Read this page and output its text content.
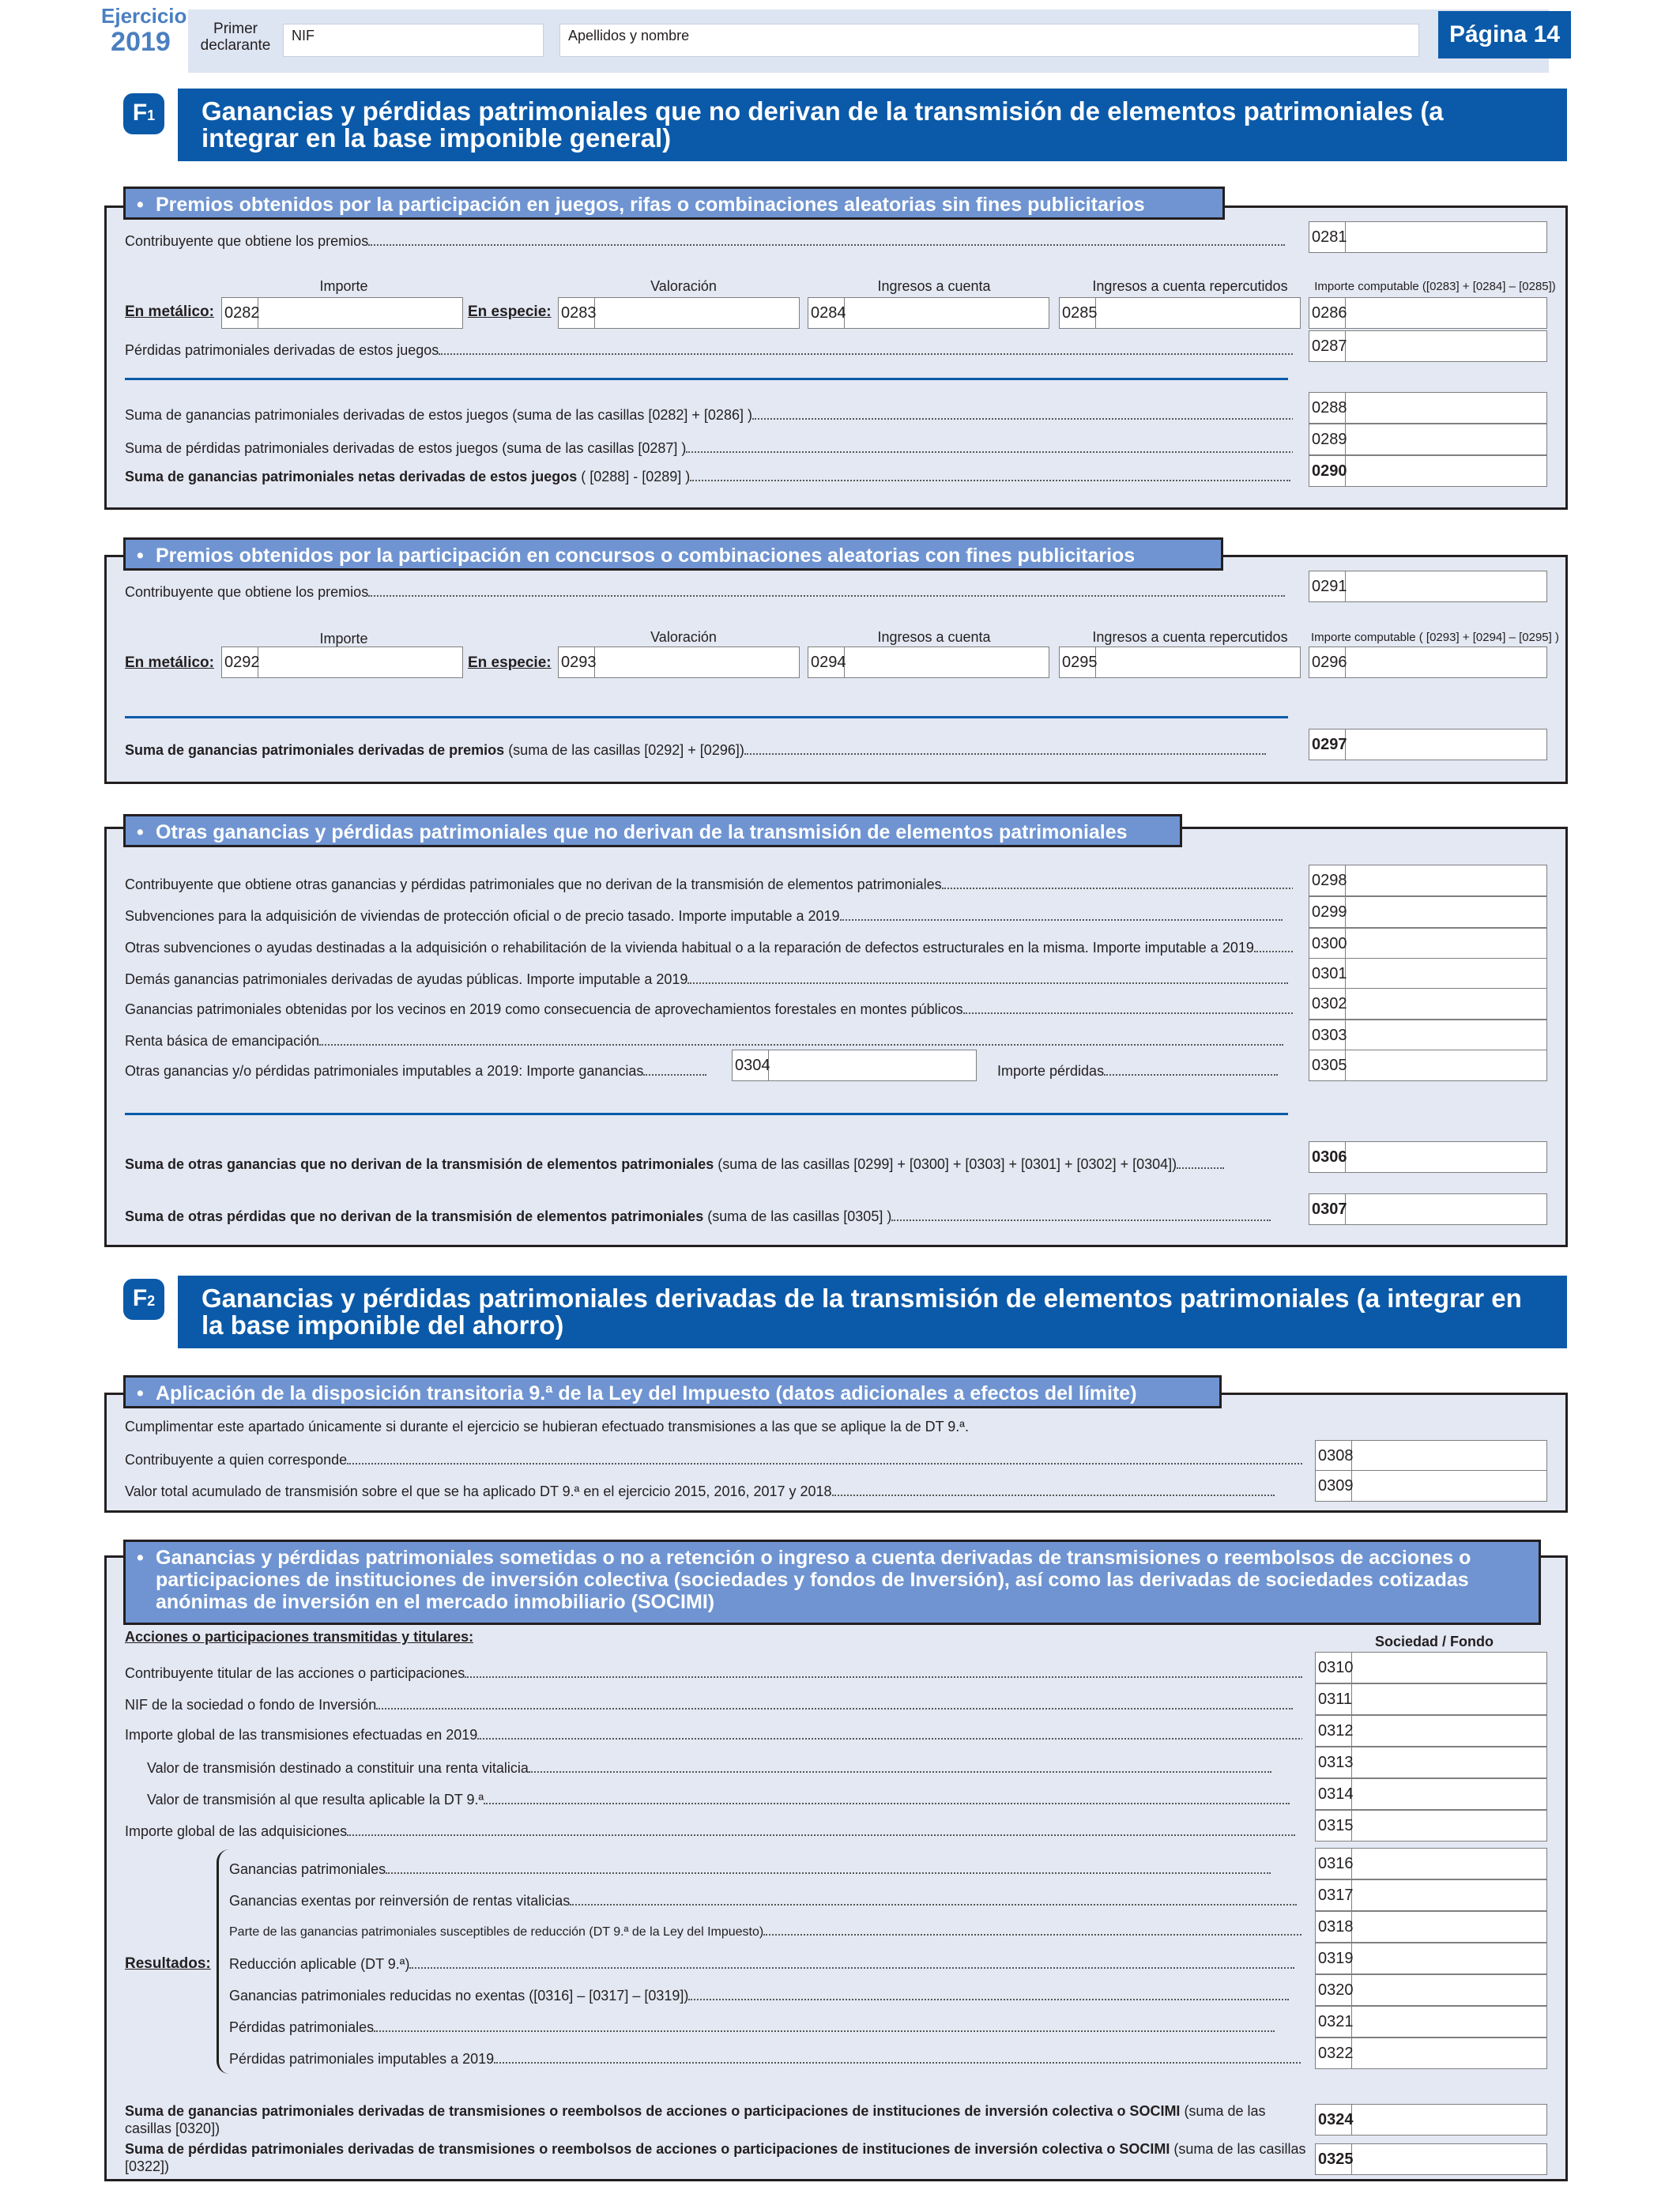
Ejercicio
2019	Primer declarante
NIF	Apellidos y nombre	Página 14
F1	Ganancias y pérdidas patrimoniales que no derivan de la transmisión de elementos patrimoniales (a integrar en la base imponible general)
• Premios obtenidos por la participación en juegos, rifas o combinaciones aleatorias sin fines publicitarios
Contribuyente que obtiene los premios	0281
Importe	Valoración	Ingresos a cuenta	Ingresos a cuenta repercutidos	Importe computable ([0283] + [0284] – [0285])
En metálico: 0282	En especie: 0283	0284	0285	0286
Pérdidas patrimoniales derivadas de estos juegos	0287
Suma de ganancias patrimoniales derivadas de estos juegos (suma de las casillas [0282] + [0286] )	0288
Suma de pérdidas patrimoniales derivadas de estos juegos (suma de las casillas [0287] )	0289
Suma de ganancias patrimoniales netas derivadas de estos juegos ( [0288] - [0289] )	0290
• Premios obtenidos por la participación en concursos o combinaciones aleatorias con fines publicitarios
Contribuyente que obtiene los premios	0291
Importe	Valoración	Ingresos a cuenta	Ingresos a cuenta repercutidos	Importe computable ( [0293] + [0294] – [0295] )
En metálico: 0292	En especie: 0293	0294	0295	0296
Suma de ganancias patrimoniales derivadas de premios (suma de las casillas [0292] + [0296])	0297
• Otras ganancias y pérdidas patrimoniales que no derivan de la transmisión de elementos patrimoniales
Contribuyente que obtiene otras ganancias y pérdidas patrimoniales que no derivan de la transmisión de elementos patrimoniales	0298
Subvenciones para la adquisición de viviendas de protección oficial o de precio tasado. Importe imputable a 2019	0299
Otras subvenciones o ayudas destinadas a la adquisición o rehabilitación de la vivienda habitual o a la reparación de defectos estructurales en la misma. Importe imputable a 2019	0300
Demás ganancias patrimoniales derivadas de ayudas públicas. Importe imputable a 2019	0301
Ganancias patrimoniales obtenidas por los vecinos en 2019 como consecuencia de aprovechamientos forestales en montes públicos	0302
Renta básica de emancipación	0303
Otras ganancias y/o pérdidas patrimoniales imputables a 2019: Importe ganancias	0304	Importe pérdidas	0305
Suma de otras ganancias que no derivan de la transmisión de elementos patrimoniales (suma de las casillas [0299] + [0300] + [0303] + [0301] + [0302] + [0304])	0306
Suma de otras pérdidas que no derivan de la transmisión de elementos patrimoniales (suma de las casillas [0305] )	0307
F2	Ganancias y pérdidas patrimoniales derivadas de la transmisión de elementos patrimoniales (a integrar en la base imponible del ahorro)
• Aplicación de la disposición transitoria 9.ª de la Ley del Impuesto (datos adicionales a efectos del límite)
Cumplimentar este apartado únicamente si durante el ejercicio se hubieran efectuado transmisiones a las que se aplique la de DT 9.ª.
Contribuyente a quien corresponde	0308
Valor total acumulado de transmisión sobre el que se ha aplicado DT 9.ª en el ejercicio 2015, 2016, 2017 y 2018	0309
• Ganancias y pérdidas patrimoniales sometidas o no a retención o ingreso a cuenta derivadas de transmisiones o reembolsos de acciones o participaciones de instituciones de inversión colectiva (sociedades y fondos de Inversión), así como las derivadas de sociedades cotizadas anónimas de inversión en el mercado inmobiliario (SOCIMI)
Acciones o participaciones transmitidas y titulares:	Sociedad / Fondo
Contribuyente titular de las acciones o participaciones	0310
NIF de la sociedad o fondo de Inversión	0311
Importe global de las transmisiones efectuadas en 2019	0312
Valor de transmisión destinado a constituir una renta vitalicia	0313
Valor de transmisión al que resulta aplicable la DT 9.ª	0314
Importe global de las adquisiciones	0315
Resultados:
Ganancias patrimoniales	0316
Ganancias exentas por reinversión de rentas vitalicias	0317
Parte de las ganancias patrimoniales susceptibles de reducción (DT 9.ª de la Ley del Impuesto)	0318
Reducción aplicable (DT 9.ª)	0319
Ganancias patrimoniales reducidas no exentas ([0316] – [0317] – [0319])	0320
Pérdidas patrimoniales	0321
Pérdidas patrimoniales imputables a 2019	0322
Suma de ganancias patrimoniales derivadas de transmisiones o reembolsos de acciones o participaciones de instituciones de inversión colectiva o SOCIMI (suma de las casillas [0320])	0324
Suma de pérdidas patrimoniales derivadas de transmisiones o reembolsos de acciones o participaciones de instituciones de inversión colectiva o SOCIMI (suma de las casillas [0322])	0325
